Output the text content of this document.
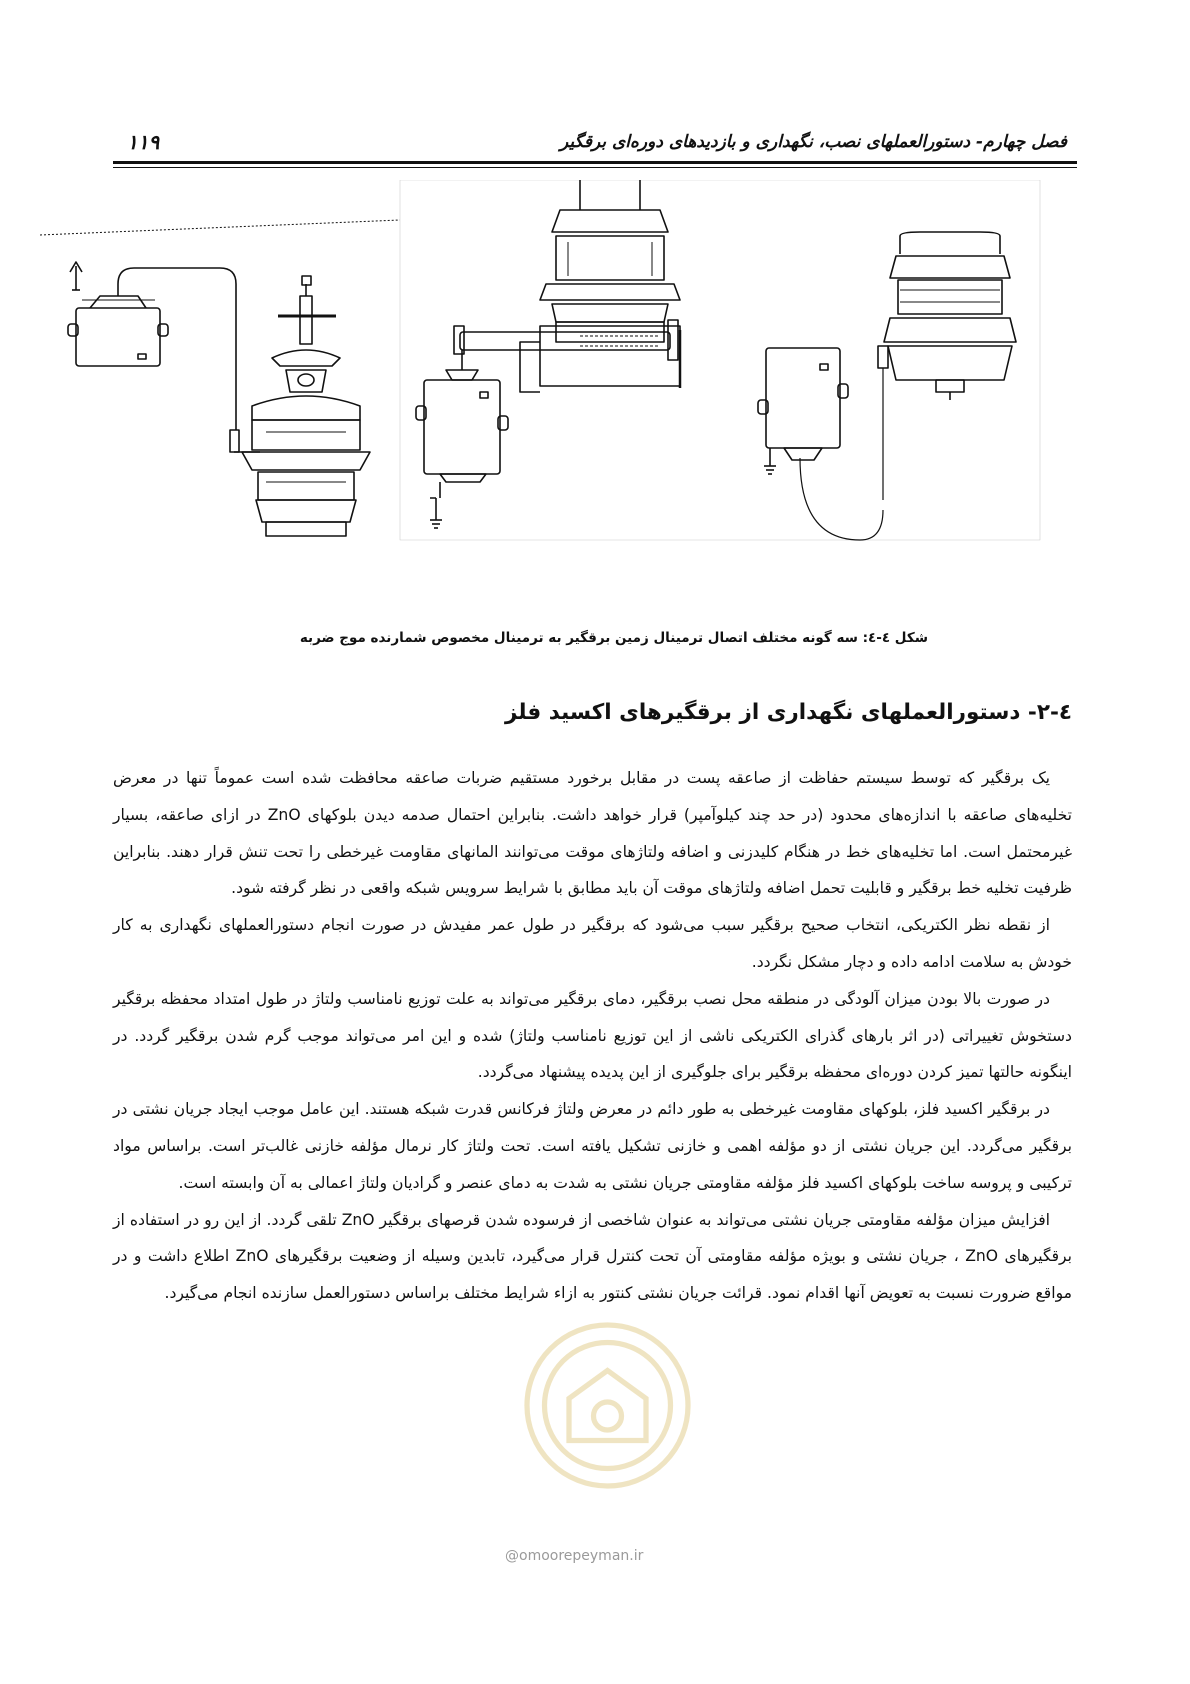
۱۱۹	فصل چهارم- دستورالعملهای نصب، نگهداری و بازدیدهای دوره‌ای برقگیر
شکل ٤-٤: سه گونه مختلف اتصال ترمینال زمین برقگیر به ترمینال مخصوص شمارنده موج ضربه
٤-٢- دستورالعملهای نگهداری از برقگیرهای اکسید فلز

یک برقگیر که توسط سیستم حفاظت از صاعقه پست در مقابل برخورد مستقیم ضربات صاعقه محافظت شده است عموماً تنها در معرض تخلیه‌های صاعقه با اندازه‌های محدود (در حد چند کیلوآمپر) قرار خواهد داشت. بنابراین احتمال صدمه دیدن بلوکهای ZnO در ازای صاعقه، بسیار غیرمحتمل است. اما تخلیه‌های خط در هنگام کلیدزنی و اضافه ولتاژهای موقت می‌توانند المانهای مقاومت غیرخطی را تحت تنش قرار دهند. بنابراین ظرفیت تخلیه خط برقگیر و قابلیت تحمل اضافه ولتاژهای موقت آن باید مطابق با شرایط سرویس شبکه واقعی در نظر گرفته شود.

از نقطه نظر الکتریکی، انتخاب صحیح برقگیر سبب می‌شود که برقگیر در طول عمر مفیدش در صورت انجام دستورالعملهای نگهداری به کار خودش به سلامت ادامه داده و دچار مشکل نگردد.

در صورت بالا بودن میزان آلودگی در منطقه محل نصب برقگیر، دمای برقگیر می‌تواند به علت توزیع نامناسب ولتاژ در طول امتداد محفظه برقگیر دستخوش تغییراتی (در اثر بارهای گذرای الکتریکی ناشی از این توزیع نامناسب ولتاژ) شده و این امر می‌تواند موجب گرم شدن برقگیر گردد. در اینگونه حالتها تمیز کردن دوره‌ای محفظه برقگیر برای جلوگیری از این پدیده پیشنهاد می‌گردد.

در برقگیر اکسید فلز، بلوکهای مقاومت غیرخطی به طور دائم در معرض ولتاژ فرکانس قدرت شبکه هستند. این عامل موجب ایجاد جریان نشتی در برقگیر می‌گردد. این جریان نشتی از دو مؤلفه اهمی و خازنی تشکیل یافته است. تحت ولتاژ کار نرمال مؤلفه خازنی غالب‌تر است. براساس مواد ترکیبی و پروسه ساخت بلوکهای اکسید فلز مؤلفه مقاومتی جریان نشتی به شدت به دمای عنصر و گرادیان ولتاژ اعمالی به آن وابسته است.

افزایش میزان مؤلفه مقاومتی جریان نشتی می‌تواند به عنوان شاخصی از فرسوده شدن قرصهای برقگیر ZnO تلقی گردد. از این رو در استفاده از برقگیرهای ZnO ، جریان نشتی و بویژه مؤلفه مقاومتی آن تحت کنترل قرار می‌گیرد، تابدین وسیله از وضعیت برقگیرهای ZnO اطلاع داشت و در مواقع ضرورت نسبت به تعویض آنها اقدام نمود. قرائت جریان نشتی کنتور به ازاء شرایط مختلف براساس دستورالعمل سازنده انجام می‌گیرد.

@omoorepeyman.ir
